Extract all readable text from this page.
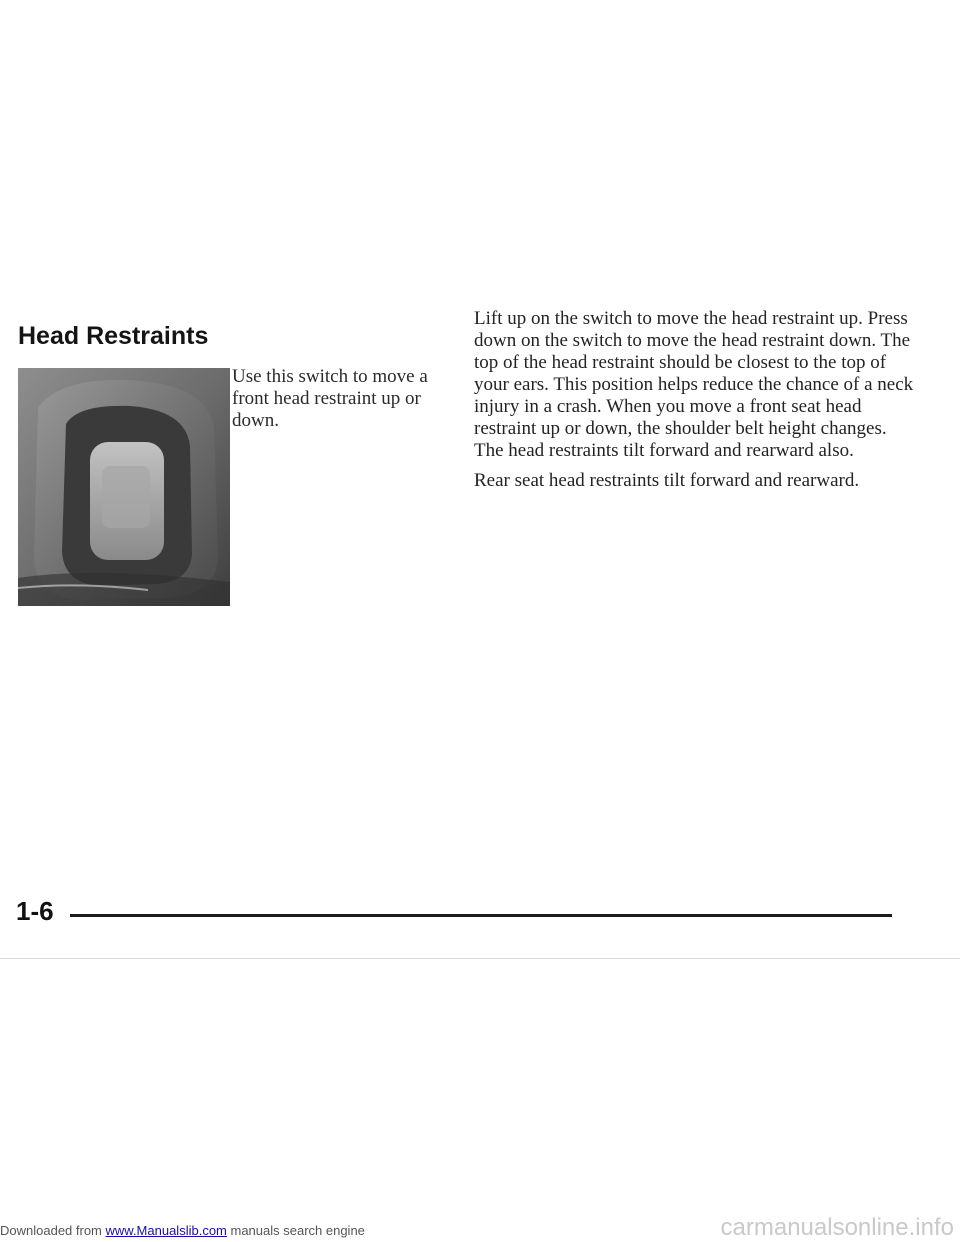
Head Restraints

Use this switch to move a front head restraint up or down.

Lift up on the switch to move the head restraint up. Press down on the switch to move the head restraint down. The top of the head restraint should be closest to the top of your ears. This position helps reduce the chance of a neck injury in a crash. When you move a front seat head restraint up or down, the shoulder belt height changes. The head restraints tilt forward and rearward also.

Rear seat head restraints tilt forward and rearward.

1-6
Downloaded from www.Manualslib.com manuals search engine	carmanualsonline.info
